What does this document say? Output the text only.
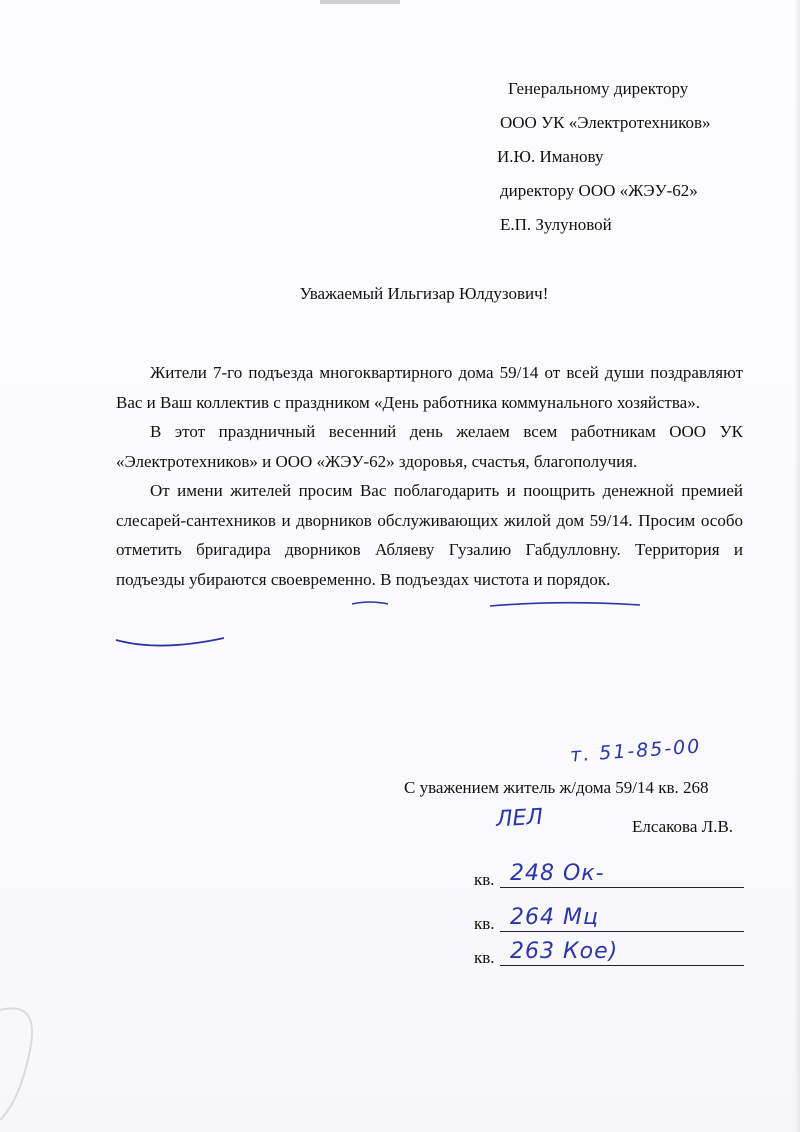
Генеральному директору
ООО УК «Электротехников»
И.Ю. Иманову
директору ООО «ЖЭУ-62»
Е.П. Зулуновой
Уважаемый Ильгизар Юлдузович!

Жители 7-го подъезда многоквартирного дома 59/14 от всей души поздравляют Вас и Ваш коллектив с праздником «День работника коммунального хозяйства».

В этот праздничный весенний день желаем всем работникам ООО УК «Электротехников» и ООО «ЖЭУ-62» здоровья, счастья, благополучия.

От имени жителей просим Вас поблагодарить и поощрить денежной премией слесарей-сантехников и дворников обслуживающих жилой дом 59/14. Просим особо отметить бригадира дворников Абляеву Гузалию Габдулловну. Территория и подъезды убираются своевременно. В подъездах чистота и порядок.

т. 51-85-00
С уважением житель ж/дома 59/14 кв. 268
ЛЕЛ	Елсакова Л.В.
кв. 248 Ок-
кв. 264 Мц
кв. 263 Кое)
